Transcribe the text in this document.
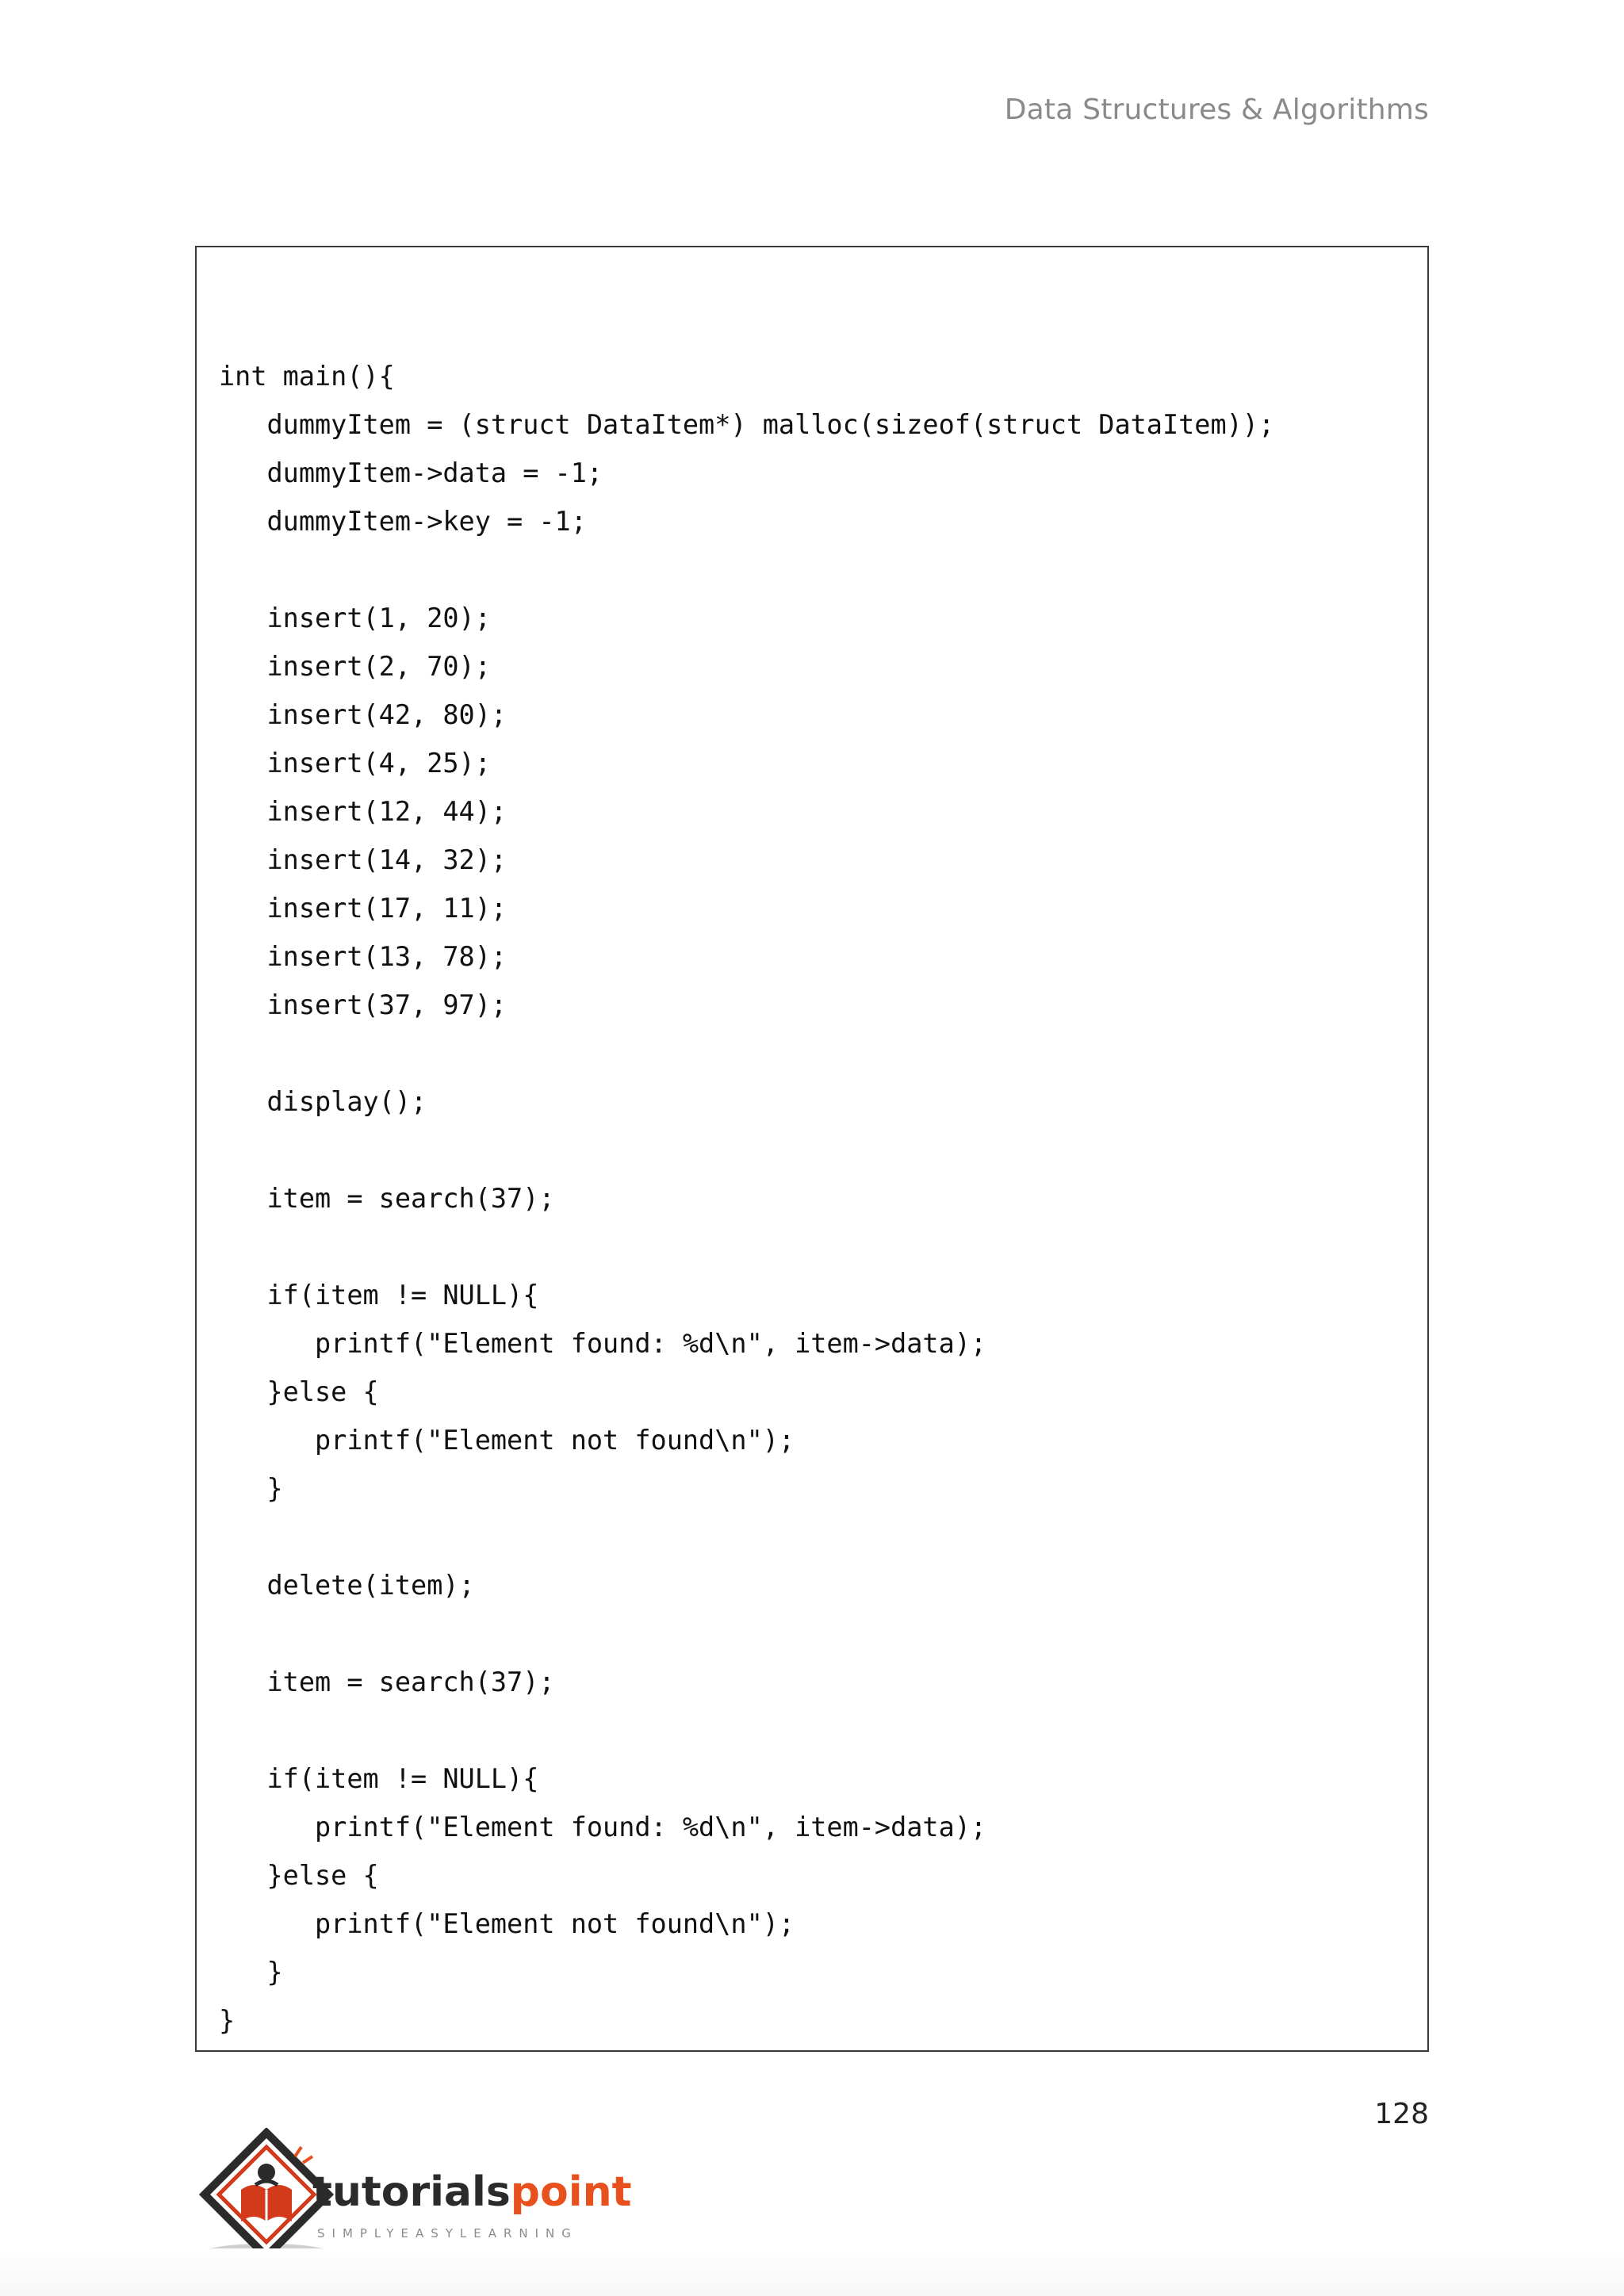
Data Structures & Algorithms
int main(){
dummyItem = (struct DataItem*) malloc(sizeof(struct DataItem));
dummyItem->data = -1;
dummyItem->key = -1;
insert(1, 20);
insert(2, 70);
insert(42, 80);
insert(4, 25);
insert(12, 44);
insert(14, 32);
insert(17, 11);
insert(13, 78);
insert(37, 97);
display();
item = search(37);
if(item != NULL){
printf("Element found: %d\n", item->data);
}else {
printf("Element not found\n");
}
delete(item);
item = search(37);
if(item != NULL){
printf("Element found: %d\n", item->data);
}else {
printf("Element not found\n");
}
}
128
tutorialspoint
SIMPLYEASYLEARNING
